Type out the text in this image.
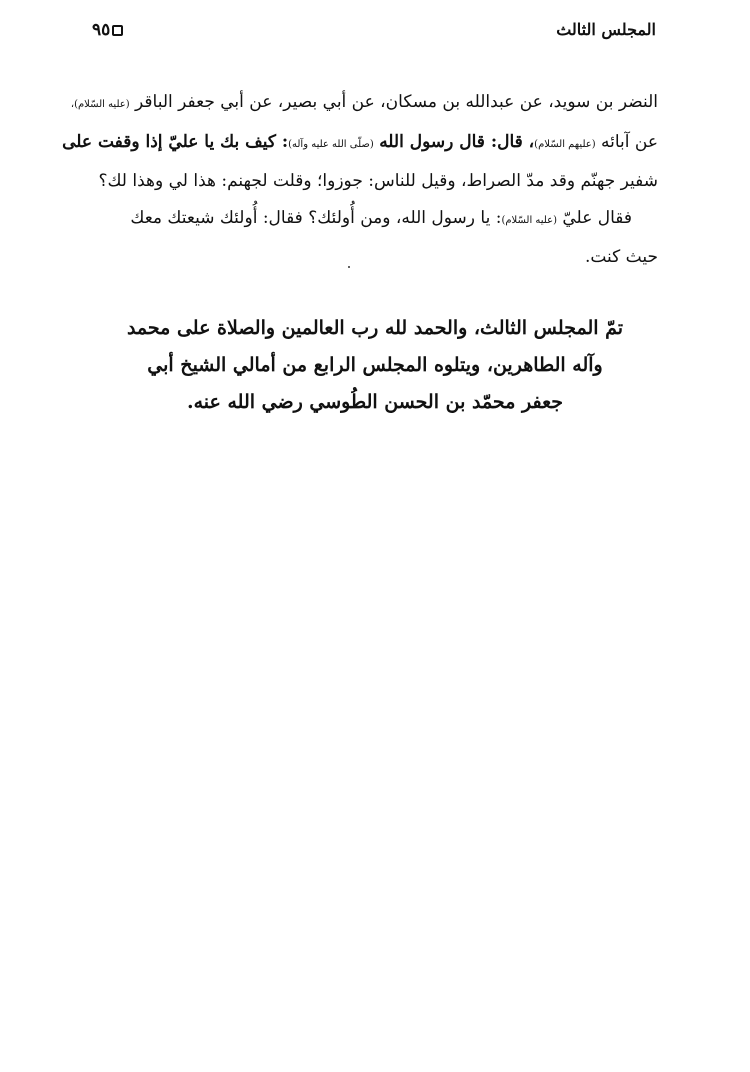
المجلس الثالث
٩٥
النضر بن سويد، عن عبدالله بن مسكان، عن أبي بصير، عن أبي جعفر الباقر (عليه السّلام)،
عن آبائه (عليهم السّلام)، قال: قال رسول الله (صلّى الله عليه وآله): كيف بك يا عليّ إذا وقفت على
شفير جهنّم وقد مدّ الصراط، وقيل للناس: جوزوا؛ وقلت لجهنم: هذا لي وهذا لك؟
فقال عليّ (عليه السّلام): يا رسول الله، ومن أُولئك؟ فقال: أُولئك شيعتك معك
حيث كنت.
تمّ المجلس الثالث، والحمد لله رب العالمين والصلاة على محمد
وآله الطاهرين، ويتلوه المجلس الرابع من أمالي الشيخ أبي
جعفر محمّد بن الحسن الطُوسي رضي الله عنه.
